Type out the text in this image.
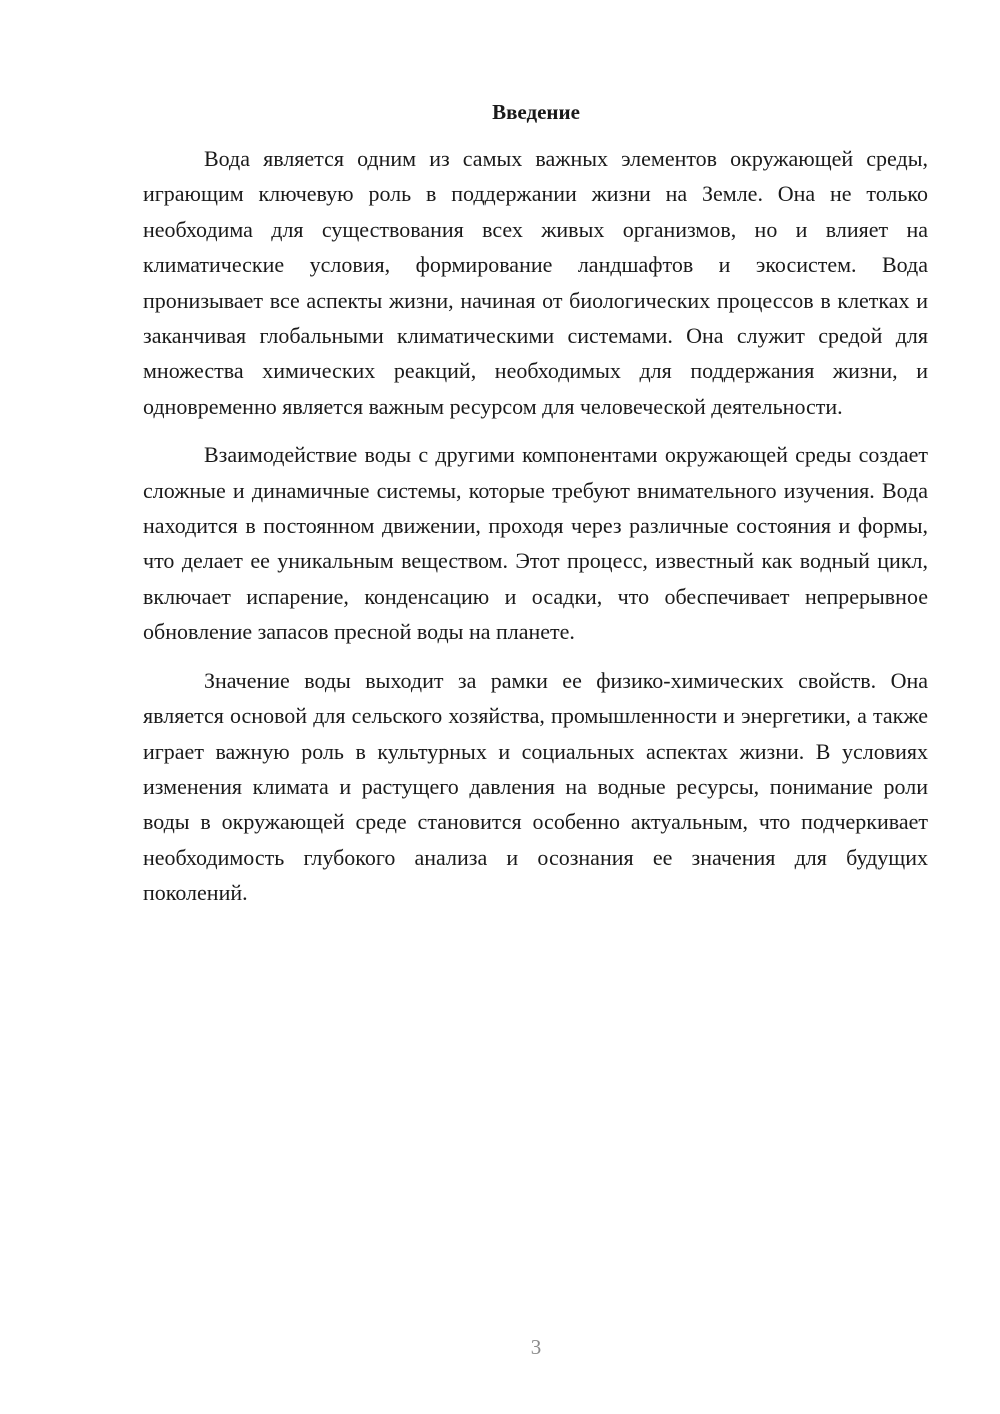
Введение

Вода является одним из самых важных элементов окружающей среды, играющим ключевую роль в поддержании жизни на Земле. Она не только необходима для существования всех живых организмов, но и влияет на климатические условия, формирование ландшафтов и экосистем. Вода пронизывает все аспекты жизни, начиная от биологических процессов в клетках и заканчивая глобальными климатическими системами. Она служит средой для множества химических реакций, необходимых для поддержания жизни, и одновременно является важным ресурсом для человеческой деятельности.

Взаимодействие воды с другими компонентами окружающей среды создает сложные и динамичные системы, которые требуют внимательного изучения. Вода находится в постоянном движении, проходя через различные состояния и формы, что делает ее уникальным веществом. Этот процесс, известный как водный цикл, включает испарение, конденсацию и осадки, что обеспечивает непрерывное обновление запасов пресной воды на планете.

Значение воды выходит за рамки ее физико-химических свойств. Она является основой для сельского хозяйства, промышленности и энергетики, а также играет важную роль в культурных и социальных аспектах жизни. В условиях изменения климата и растущего давления на водные ресурсы, понимание роли воды в окружающей среде становится особенно актуальным, что подчеркивает необходимость глубокого анализа и осознания ее значения для будущих поколений.

3
